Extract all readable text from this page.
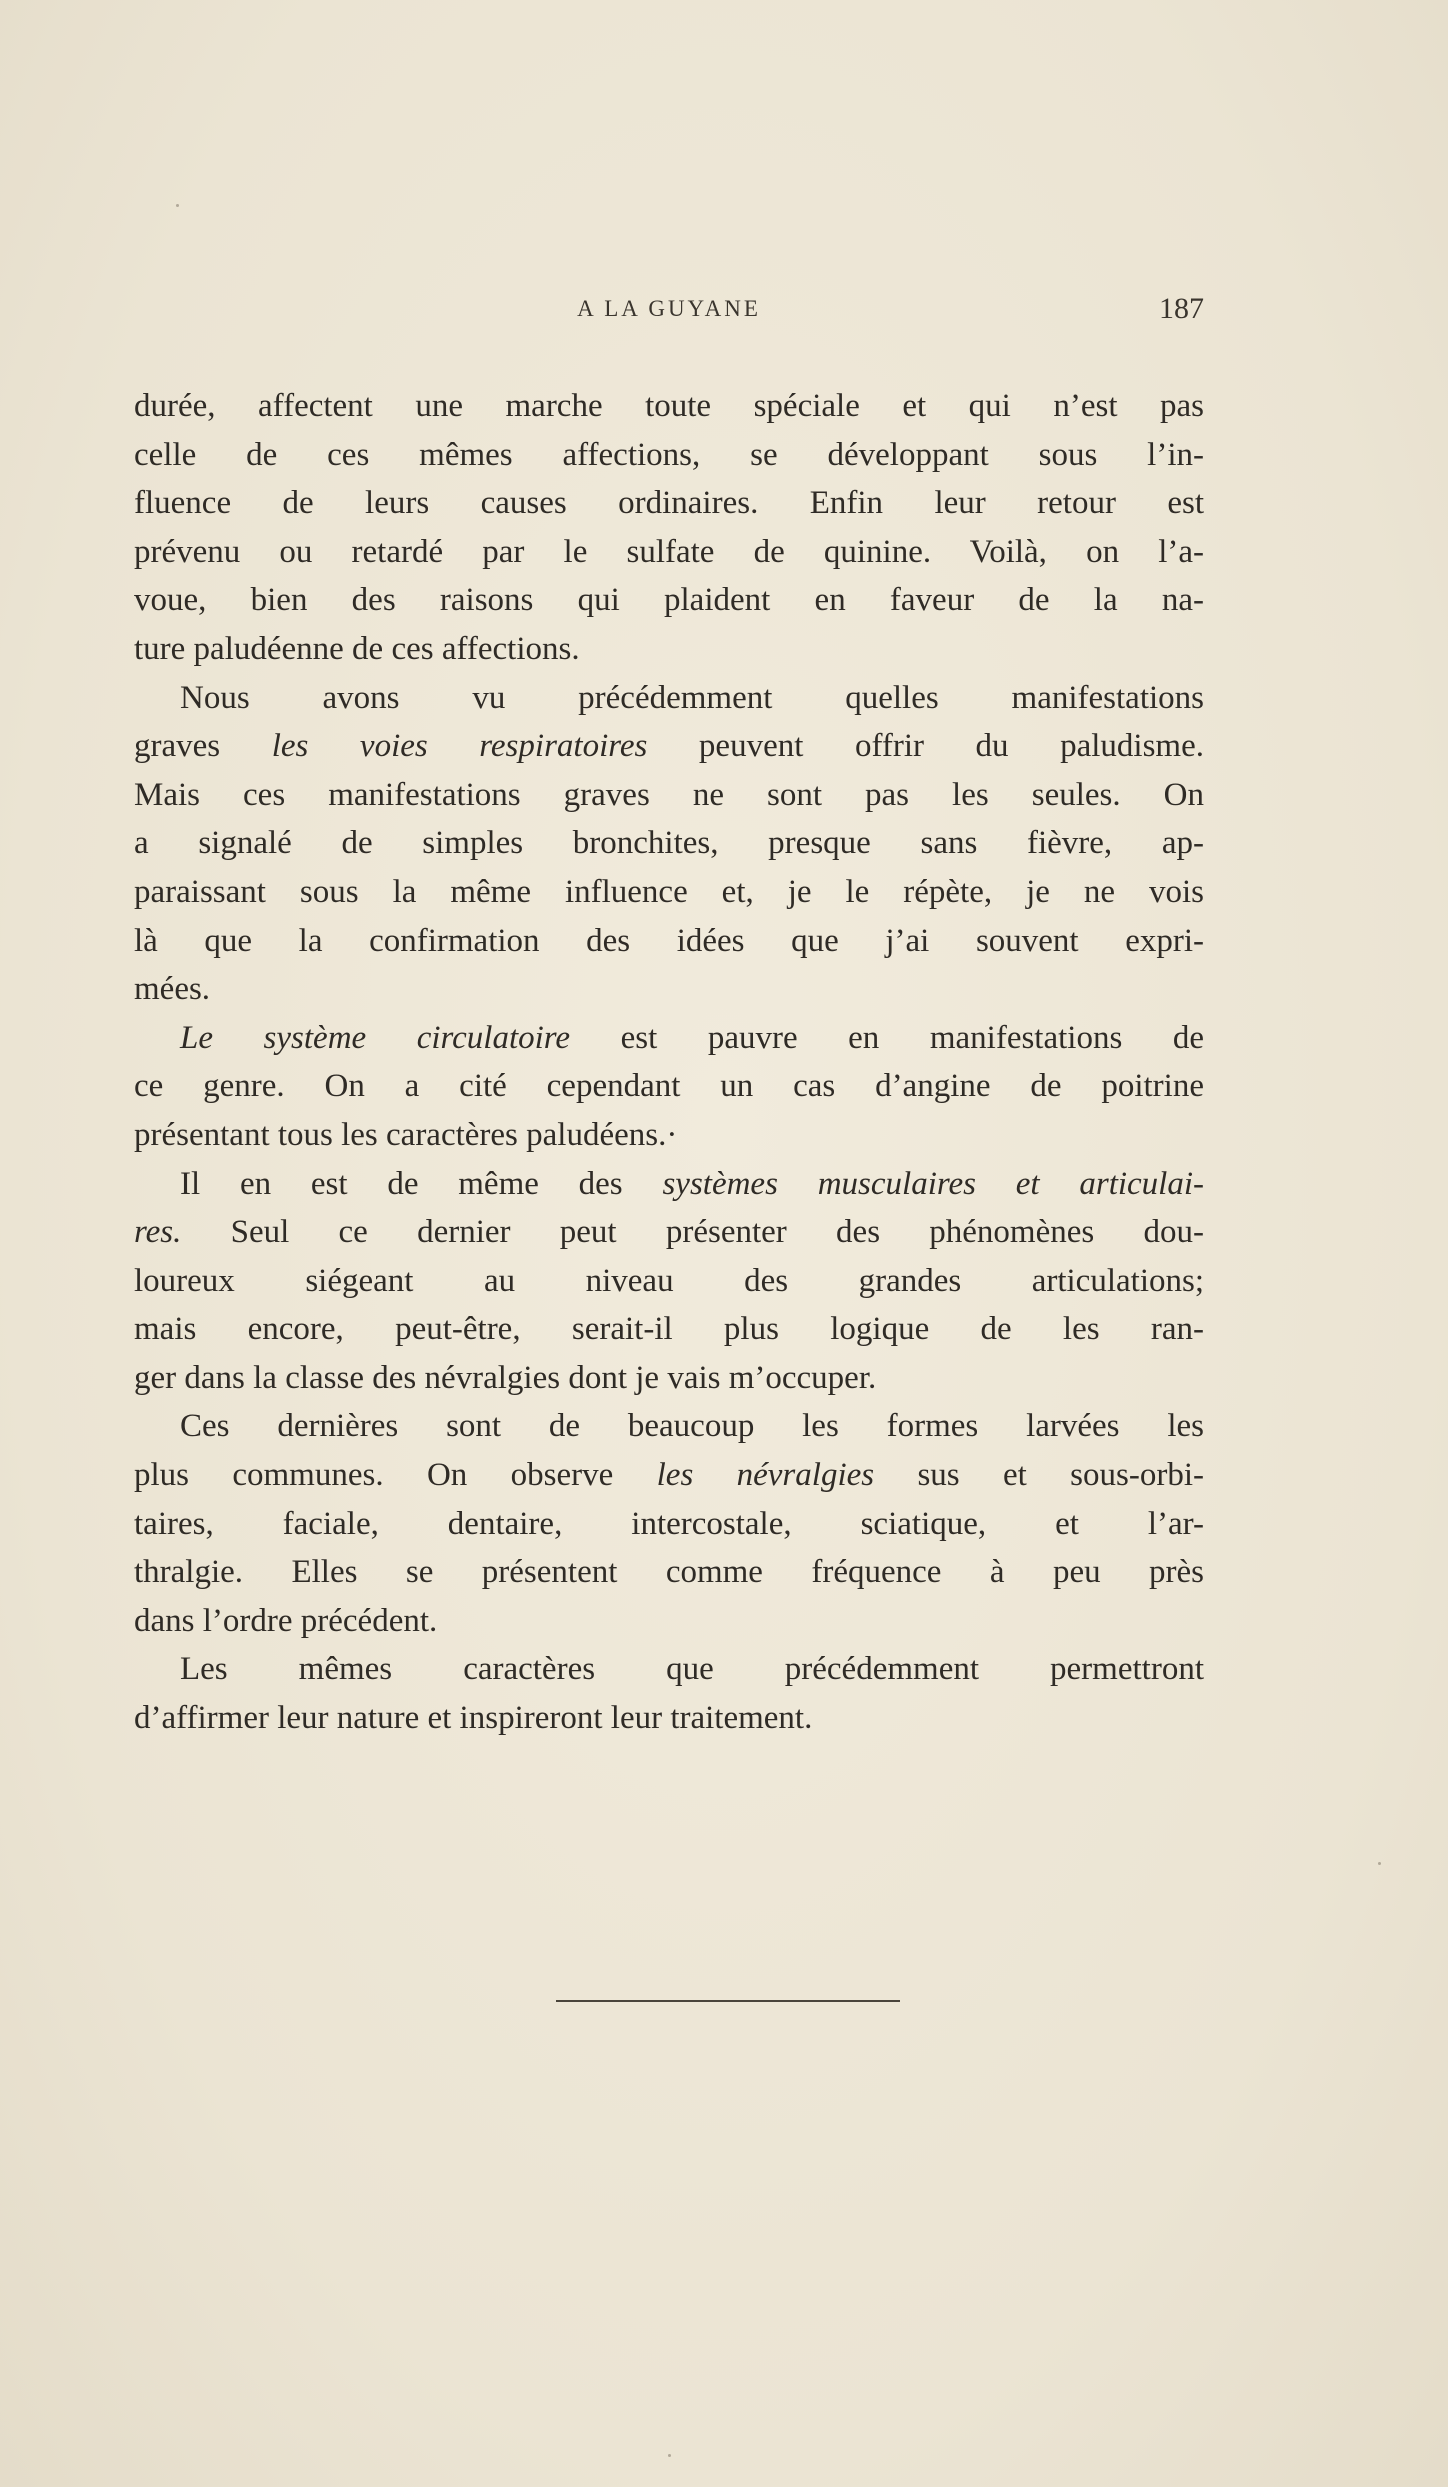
A LA GUYANE	187
durée, affectent une marche toute spéciale et qui n’est pas
celle de ces mêmes affections, se développant sous l’in-
fluence de leurs causes ordinaires. Enfin leur retour est
prévenu ou retardé par le sulfate de quinine. Voilà, on l’a-
voue, bien des raisons qui plaident en faveur de la na-
ture paludéenne de ces affections.
Nous avons vu précédemment quelles manifestations
graves les voies respiratoires peuvent offrir du paludisme.
Mais ces manifestations graves ne sont pas les seules. On
a signalé de simples bronchites, presque sans fièvre, ap-
paraissant sous la même influence et, je le répète, je ne vois
là que la confirmation des idées que j’ai souvent expri-
mées.
Le système circulatoire est pauvre en manifestations de
ce genre. On a cité cependant un cas d’angine de poitrine
présentant tous les caractères paludéens.·
Il en est de même des systèmes musculaires et articulai-
res. Seul ce dernier peut présenter des phénomènes dou-
loureux siégeant au niveau des grandes articulations;
mais encore, peut-être, serait-il plus logique de les ran-
ger dans la classe des névralgies dont je vais m’occuper.
Ces dernières sont de beaucoup les formes larvées les
plus communes. On observe les névralgies sus et sous-orbi-
taires, faciale, dentaire, intercostale, sciatique, et l’ar-
thralgie. Elles se présentent comme fréquence à peu près
dans l’ordre précédent.
Les mêmes caractères que précédemment permettront
d’affirmer leur nature et inspireront leur traitement.
